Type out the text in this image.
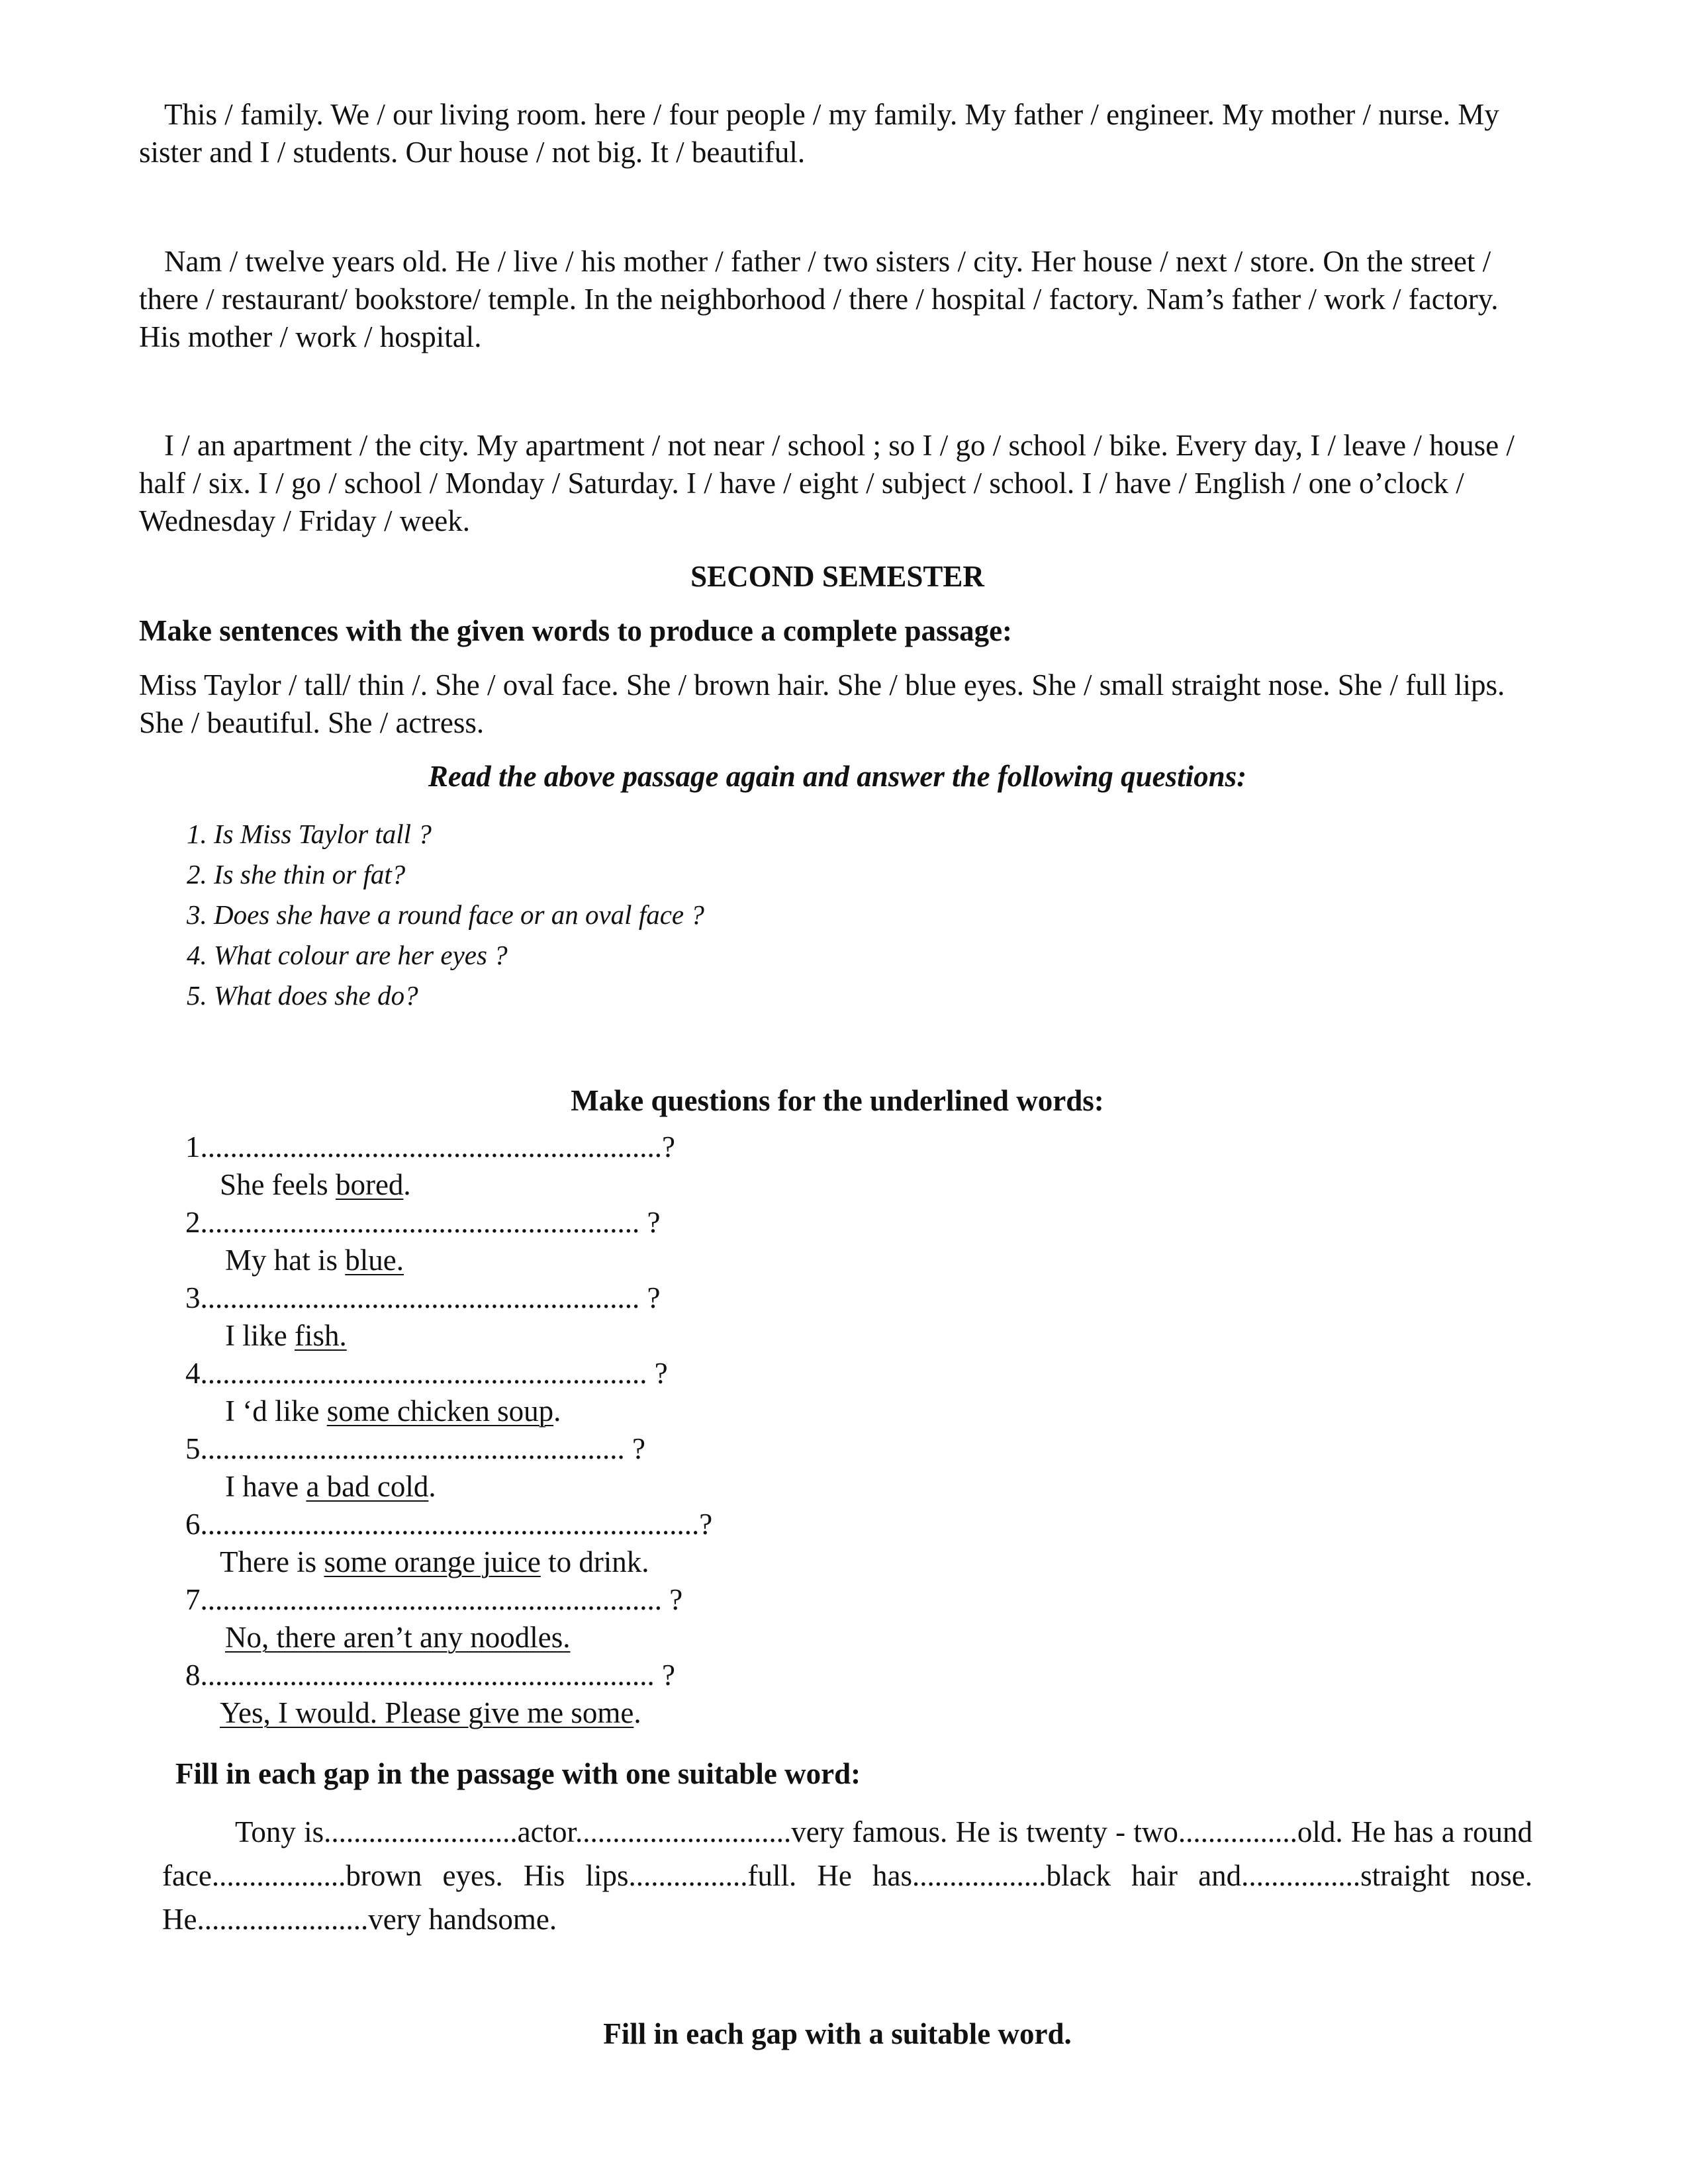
This / family. We / our living room. here / four people / my family. My father / engineer. My mother / nurse. My sister and I / students. Our house / not big. It / beautiful.

Nam / twelve years old. He / live / his mother / father / two sisters / city. Her house / next / store. On the street / there / restaurant/ bookstore/ temple. In the neighborhood / there / hospital / factory. Nam’s father / work / factory. His mother / work / hospital.

I / an apartment / the city. My apartment / not near / school ; so I / go / school / bike. Every day, I / leave / house / half / six. I / go / school / Monday / Saturday. I / have / eight / subject / school. I / have / English / one o’clock / Wednesday / Friday / week.

SECOND SEMESTER

Make sentences with the given words to produce a complete passage:

Miss Taylor / tall/ thin /. She / oval face. She / brown hair. She / blue eyes. She / small straight nose. She / full lips. She / beautiful. She / actress.

Read the above passage again and answer the following questions:

1. Is Miss Taylor tall ?
2. Is she thin or fat?
3. Does she have a round face or an oval face ?
4. What colour are her eyes ?
5. What does she do?

Make questions for the underlined words:

1..............................................................?
She feels bored.
2........................................................... ?
My hat is blue.
3........................................................... ?
I like fish.
4............................................................ ?
I ‘d like some chicken soup.
5......................................................... ?
I have a bad cold.
6...................................................................?
There is some orange juice to drink.
7.............................................................. ?
No, there aren’t any noodles.
8............................................................. ?
Yes, I would. Please give me some.

Fill in each gap in the passage with one suitable word:

Tony is..........................actor.............................very famous. He is twenty - two................old. He has a round face..................brown eyes. His lips................full. He has..................black hair and................straight nose. He.......................very handsome.

Fill in each gap with a suitable word.
